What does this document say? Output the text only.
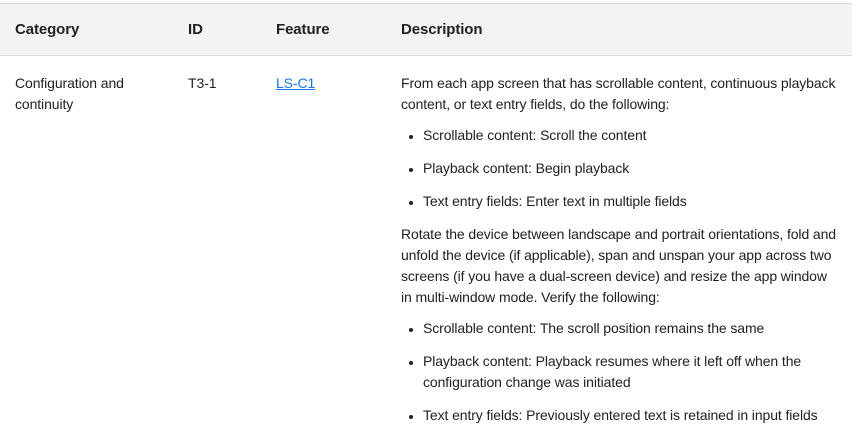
Category	ID	Feature	Description
Configuration and continuity	T3-1	LS-C1	From each app screen that has scrollable content, continuous playback content, or text entry fields, do the following:

• Scrollable content: Scroll the content
• Playback content: Begin playback
• Text entry fields: Enter text in multiple fields

Rotate the device between landscape and portrait orientations, fold and unfold the device (if applicable), span and unspan your app across two screens (if you have a dual-screen device) and resize the app window in multi-window mode. Verify the following:

• Scrollable content: The scroll position remains the same
• Playback content: Playback resumes where it left off when the configuration change was initiated
• Text entry fields: Previously entered text is retained in input fields
